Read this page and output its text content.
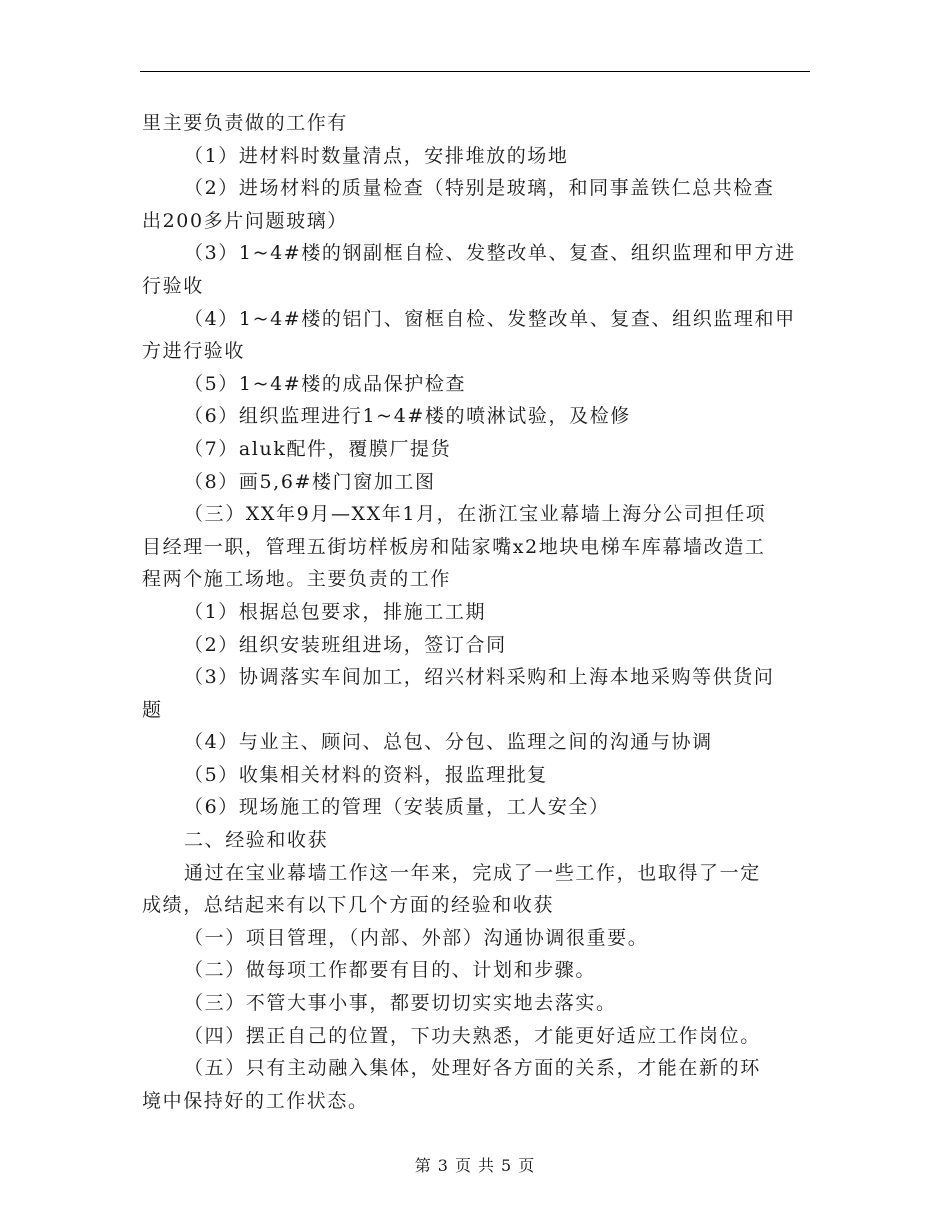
里主要负责做的工作有
（1）进材料时数量清点，安排堆放的场地
（2）进场材料的质量检查（特别是玻璃，和同事盖铁仁总共检查
出200多片问题玻璃）
（3）1~4#楼的钢副框自检、发整改单、复查、组织监理和甲方进
行验收
（4）1~4#楼的铝门、窗框自检、发整改单、复查、组织监理和甲
方进行验收
（5）1~4#楼的成品保护检查
（6）组织监理进行1~4#楼的喷淋试验，及检修
（7）aluk配件，覆膜厂提货
（8）画5,6#楼门窗加工图
（三）XX年9月—XX年1月，在浙江宝业幕墙上海分公司担任项
目经理一职，管理五街坊样板房和陆家嘴x2地块电梯车库幕墙改造工
程两个施工场地。主要负责的工作
（1）根据总包要求，排施工工期
（2）组织安装班组进场，签订合同
（3）协调落实车间加工，绍兴材料采购和上海本地采购等供货问
题
（4）与业主、顾问、总包、分包、监理之间的沟通与协调
（5）收集相关材料的资料，报监理批复
（6）现场施工的管理（安装质量，工人安全）
二、经验和收获
通过在宝业幕墙工作这一年来，完成了一些工作，也取得了一定
成绩，总结起来有以下几个方面的经验和收获
（一）项目管理，（内部、外部）沟通协调很重要。
（二）做每项工作都要有目的、计划和步骤。
（三）不管大事小事，都要切切实实地去落实。
（四）摆正自己的位置，下功夫熟悉，才能更好适应工作岗位。
（五）只有主动融入集体，处理好各方面的关系，才能在新的环
境中保持好的工作状态。
第 3 页 共 5 页
